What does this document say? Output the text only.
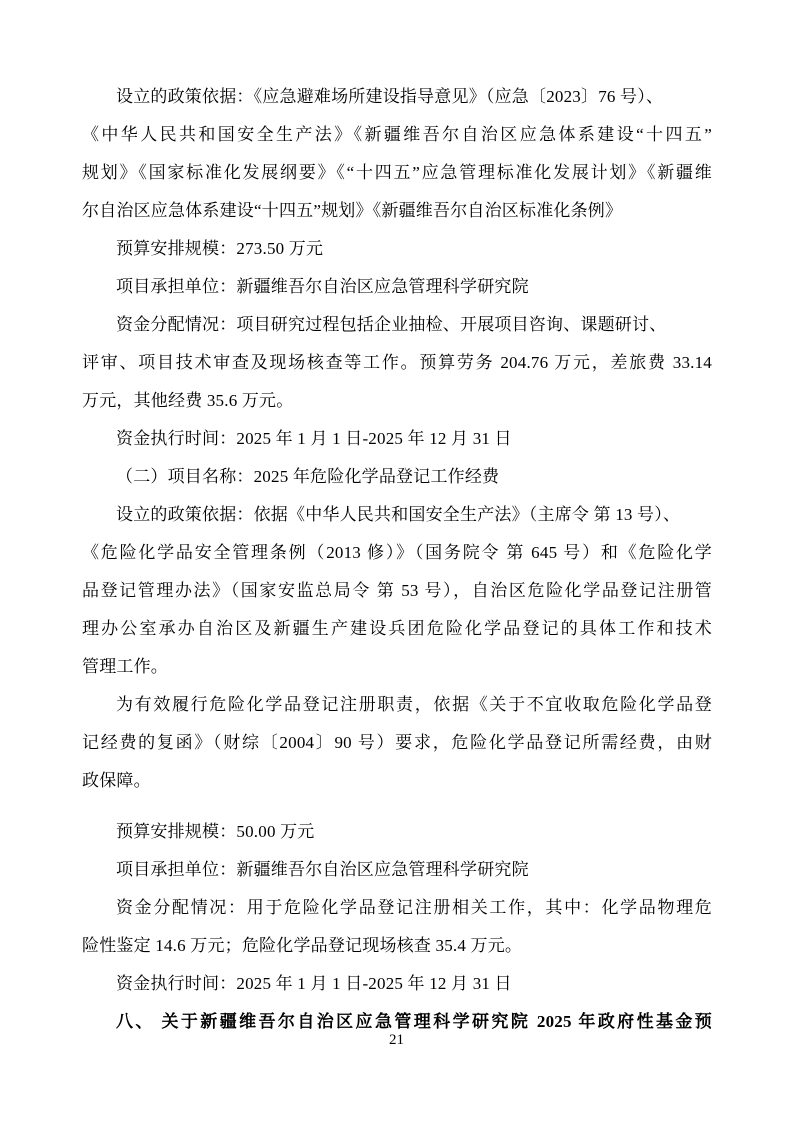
设立的政策依据：《应急避难场所建设指导意见》（应急〔2023〕76 号）、
《中华人民共和国安全生产法》《新疆维吾尔自治区应急体系建设“十四五”
规划》《国家标准化发展纲要》《“十四五”应急管理标准化发展计划》《新疆维
尔自治区应急体系建设“十四五”规划》《新疆维吾尔自治区标准化条例》
预算安排规模：273.50 万元
项目承担单位：新疆维吾尔自治区应急管理科学研究院
资金分配情况：项目研究过程包括企业抽检、开展项目咨询、课题研讨、
评审、项目技术审查及现场核查等工作。预算劳务 204.76 万元，差旅费 33.14
万元，其他经费 35.6 万元。
资金执行时间：2025 年 1 月 1 日-2025 年 12 月 31 日
（二）项目名称：2025 年危险化学品登记工作经费
设立的政策依据：依据《中华人民共和国安全生产法》（主席令 第 13 号）、
《危险化学品安全管理条例（2013 修）》（国务院令 第 645 号）和《危险化学
品登记管理办法》（国家安监总局令 第 53 号），自治区危险化学品登记注册管
理办公室承办自治区及新疆生产建设兵团危险化学品登记的具体工作和技术
管理工作。
为有效履行危险化学品登记注册职责，依据《关于不宜收取危险化学品登
记经费的复函》（财综〔2004〕90 号）要求，危险化学品登记所需经费，由财
政保障。
预算安排规模：50.00 万元
项目承担单位：新疆维吾尔自治区应急管理科学研究院
资金分配情况：用于危险化学品登记注册相关工作，其中：化学品物理危
险性鉴定 14.6 万元；危险化学品登记现场核查 35.4 万元。
资金执行时间：2025 年 1 月 1 日-2025 年 12 月 31 日
八、 关于新疆维吾尔自治区应急管理科学研究院 2025 年政府性基金预
21
